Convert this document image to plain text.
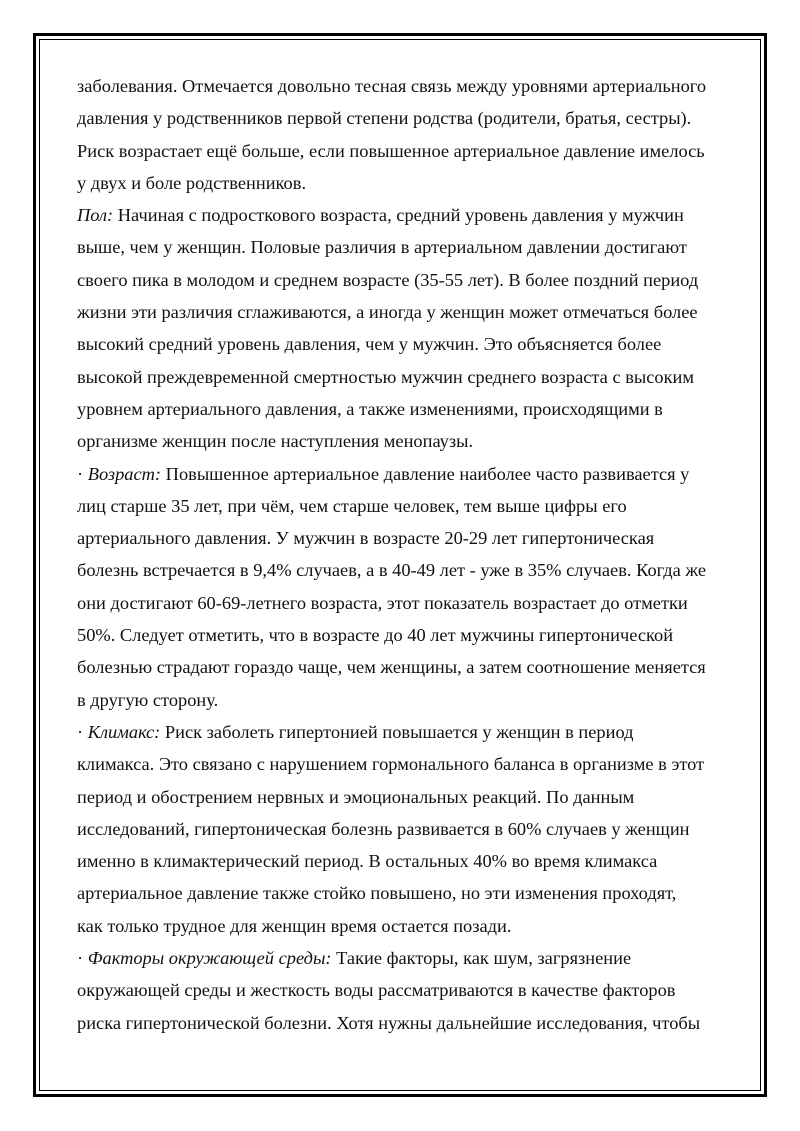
заболевания. Отмечается довольно тесная связь между уровнями артериального
давления у родственников первой степени родства (родители, братья, сестры).
Риск возрастает ещё больше, если повышенное артериальное давление имелось
у двух и боле родственников.
Пол: Начиная с подросткового возраста, средний уровень давления у мужчин
выше, чем у женщин. Половые различия в артериальном давлении достигают
своего пика в молодом и среднем возрасте (35-55 лет). В более поздний период
жизни эти различия сглаживаются, а иногда у женщин может отмечаться более
высокий средний уровень давления, чем у мужчин. Это объясняется более
высокой преждевременной смертностью мужчин среднего возраста с высоким
уровнем артериального давления, а также изменениями, происходящими в
организме женщин после наступления менопаузы.
· Возраст: Повышенное артериальное давление наиболее часто развивается у
лиц старше 35 лет, при чём, чем старше человек, тем выше цифры его
артериального давления. У мужчин в возрасте 20-29 лет гипертоническая
болезнь встречается в 9,4% случаев, а в 40-49 лет - уже в 35% случаев. Когда же
они достигают 60-69-летнего возраста, этот показатель возрастает до отметки
50%. Следует отметить, что в возрасте до 40 лет мужчины гипертонической
болезнью страдают гораздо чаще, чем женщины, а затем соотношение меняется
в другую сторону.
· Климакс: Риск заболеть гипертонией повышается у женщин в период
климакса. Это связано с нарушением гормонального баланса в организме в этот
период и обострением нервных и эмоциональных реакций. По данным
исследований, гипертоническая болезнь развивается в 60% случаев у женщин
именно в климактерический период. В остальных 40% во время климакса
артериальное давление также стойко повышено, но эти изменения проходят,
как только трудное для женщин время остается позади.
· Факторы окружающей среды: Такие факторы, как шум, загрязнение
окружающей среды и жесткость воды рассматриваются в качестве факторов
риска гипертонической болезни. Хотя нужны дальнейшие исследования, чтобы
